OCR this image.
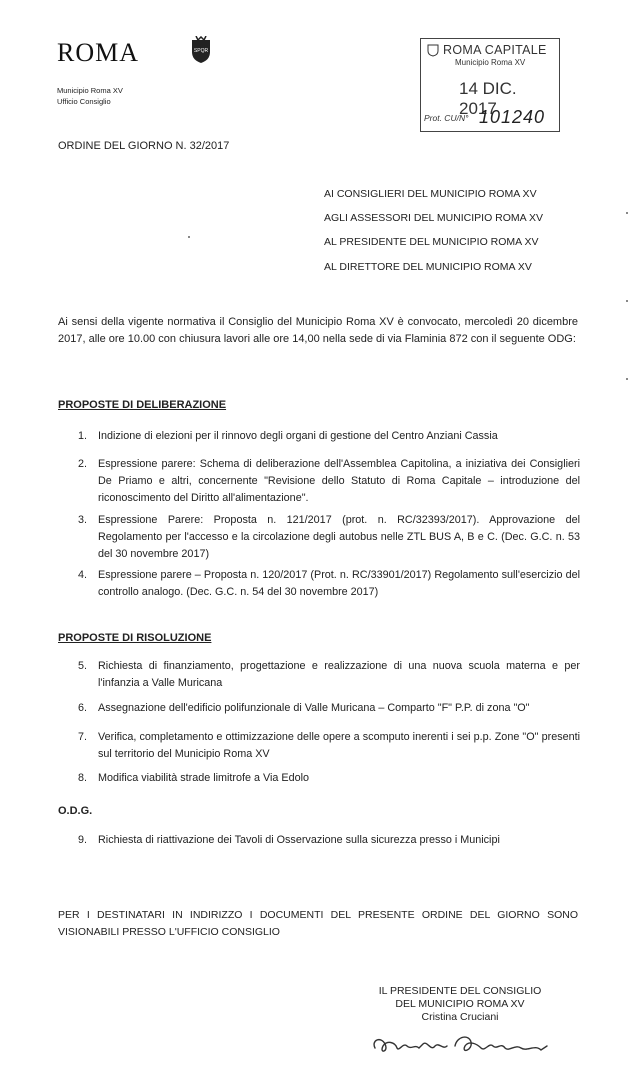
ROMA	SPQR
Municipio Roma XV
Ufficio Consiglio
ROMA CAPITALE
Municipio Roma XV
14 DIC. 2017
Prot. CU/N° 101240
ORDINE DEL GIORNO N. 32/2017
AI CONSIGLIERI DEL MUNICIPIO ROMA XV
AGLI ASSESSORI DEL MUNICIPIO ROMA XV
AL PRESIDENTE DEL MUNICIPIO ROMA XV
AL DIRETTORE DEL MUNICIPIO ROMA XV
Ai sensi della vigente normativa il Consiglio del Municipio Roma XV è convocato, mercoledì 20 dicembre 2017, alle ore 10.00 con chiusura lavori alle ore 14,00 nella sede di via Flaminia 872 con il seguente ODG:
PROPOSTE DI DELIBERAZIONE
1. Indizione di elezioni per il rinnovo degli organi di gestione del Centro Anziani Cassia
2. Espressione parere: Schema di deliberazione dell'Assemblea Capitolina, a iniziativa dei Consiglieri De Priamo e altri, concernente "Revisione dello Statuto di Roma Capitale – introduzione del riconoscimento del Diritto all'alimentazione".
3. Espressione Parere: Proposta n. 121/2017 (prot. n. RC/32393/2017). Approvazione del Regolamento per l'accesso e la circolazione degli autobus nelle ZTL BUS A, B e C. (Dec. G.C. n. 53 del 30 novembre 2017)
4. Espressione parere – Proposta n. 120/2017 (Prot. n. RC/33901/2017) Regolamento sull'esercizio del controllo analogo. (Dec. G.C. n. 54 del 30 novembre 2017)
PROPOSTE DI RISOLUZIONE
5. Richiesta di finanziamento, progettazione e realizzazione di una nuova scuola materna e per l'infanzia a Valle Muricana
6. Assegnazione dell'edificio polifunzionale di Valle Muricana – Comparto "F" P.P. di zona "O"
7. Verifica, completamento e ottimizzazione delle opere a scomputo inerenti i sei p.p. Zone "O" presenti sul territorio del Municipio Roma XV
8. Modifica viabilità strade limitrofe a Via Edolo
O.D.G.
9. Richiesta di riattivazione dei Tavoli di Osservazione sulla sicurezza presso i Municipi
PER I DESTINATARI IN INDIRIZZO I DOCUMENTI DEL PRESENTE ORDINE DEL GIORNO SONO VISIONABILI PRESSO L'UFFICIO CONSIGLIO
IL PRESIDENTE DEL CONSIGLIO
DEL MUNICIPIO ROMA XV
Cristina Cruciani
